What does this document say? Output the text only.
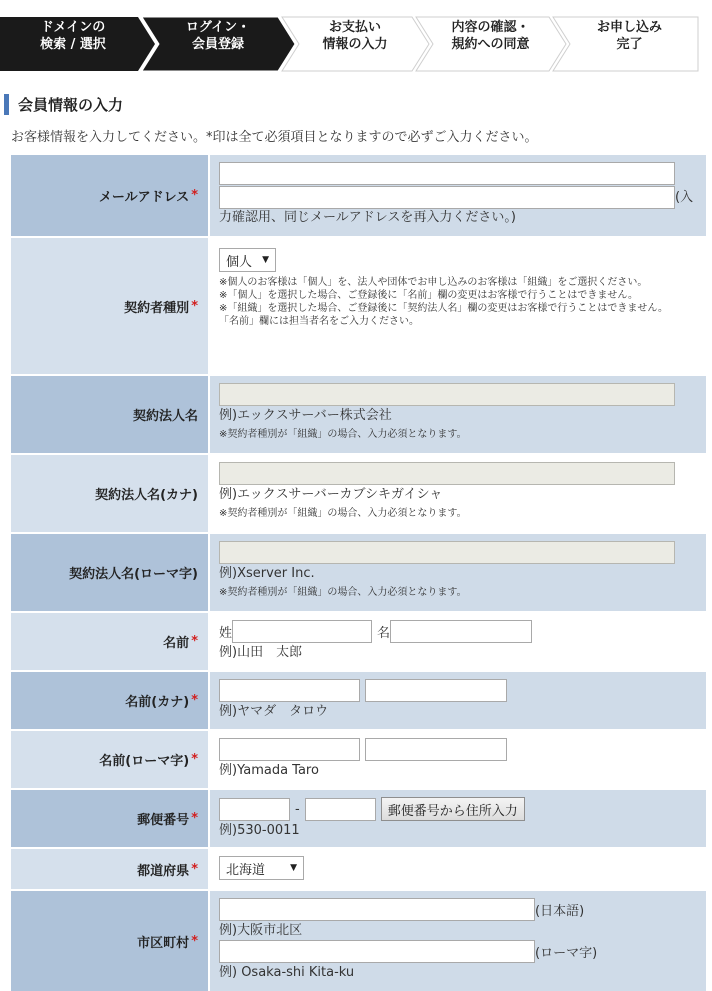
ドメインの
検索 / 選択
ログイン・
会員登録
お支払い
情報の入力
内容の確認・
規約への同意
お申し込み
完了
会員情報の入力
お客様情報を入力してください。*印は全て必須項目となりますので必ずご入力ください。
メールアドレス *	(入
力確認用、同じメールアドレスを再入力ください。)
契約者種別 *
個人 ▼
※個人のお客様は「個人」を、法人や団体でお申し込みのお客様は「組織」をご選択ください。
※「個人」を選択した場合、ご登録後に「名前」欄の変更はお客様で行うことはできません。
※「組織」を選択した場合、ご登録後に「契約法人名」欄の変更はお客様で行うことはできません。
「名前」欄には担当者名をご入力ください。
契約法人名	例)エックスサーバー株式会社
※契約者種別が「組織」の場合、入力必須となります。
契約法人名(カナ)	例)エックスサーバーカブシキガイシャ
※契約者種別が「組織」の場合、入力必須となります。
契約法人名(ローマ字)	例)Xserver Inc.
※契約者種別が「組織」の場合、入力必須となります。
名前 *
姓	名
例)山田　太郎
名前(カナ) *
例)ヤマダ　タロウ
名前(ローマ字) *
例)Yamada Taro
郵便番号 *
-	郵便番号から住所入力
例)530-0011
都道府県 * 北海道	▼
市区町村 *
(日本語)
例)大阪市北区
(ローマ字)
例) Osaka-shi Kita-ku
